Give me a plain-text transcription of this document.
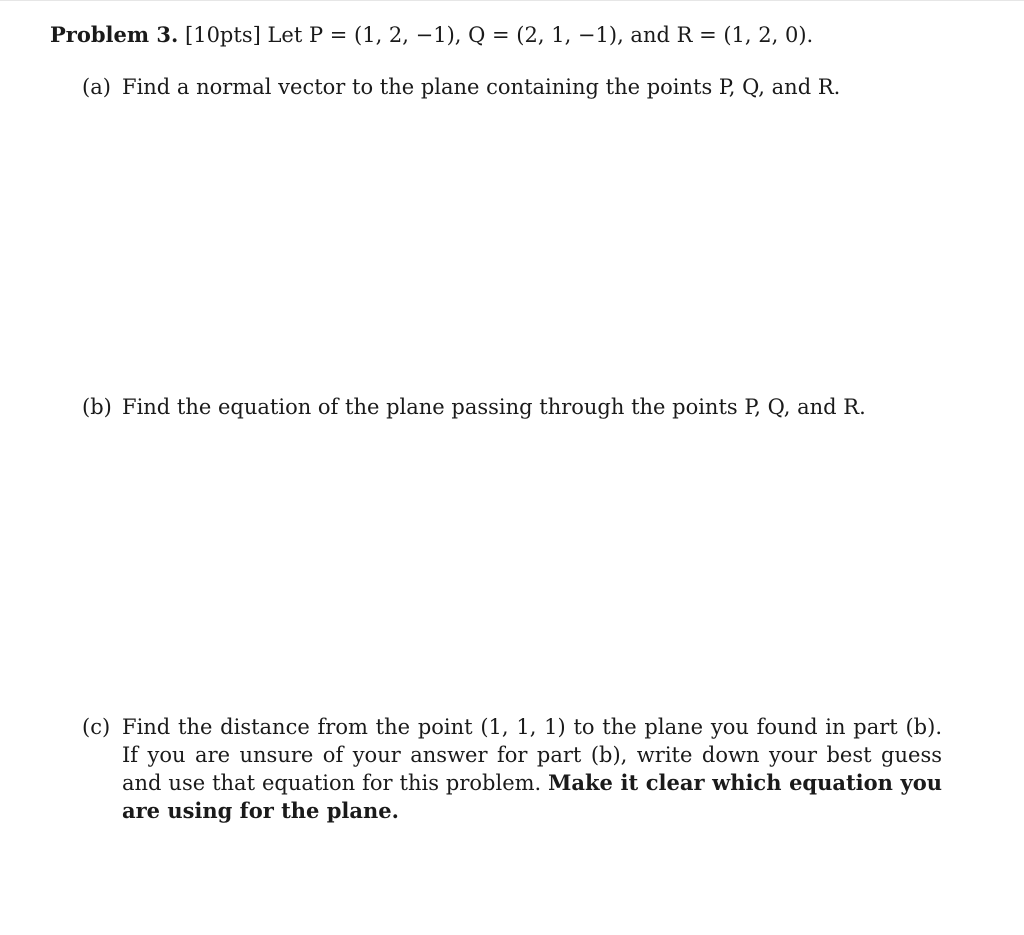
Problem 3. [10pts] Let P = (1, 2, −1), Q = (2, 1, −1), and R = (1, 2, 0).
(a) Find a normal vector to the plane containing the points P, Q, and R.
(b) Find the equation of the plane passing through the points P, Q, and R.
(c) Find the distance from the point (1, 1, 1) to the plane you found in part (b). If you are unsure of your answer for part (b), write down your best guess and use that equation for this problem. Make it clear which equation you are using for the plane.
